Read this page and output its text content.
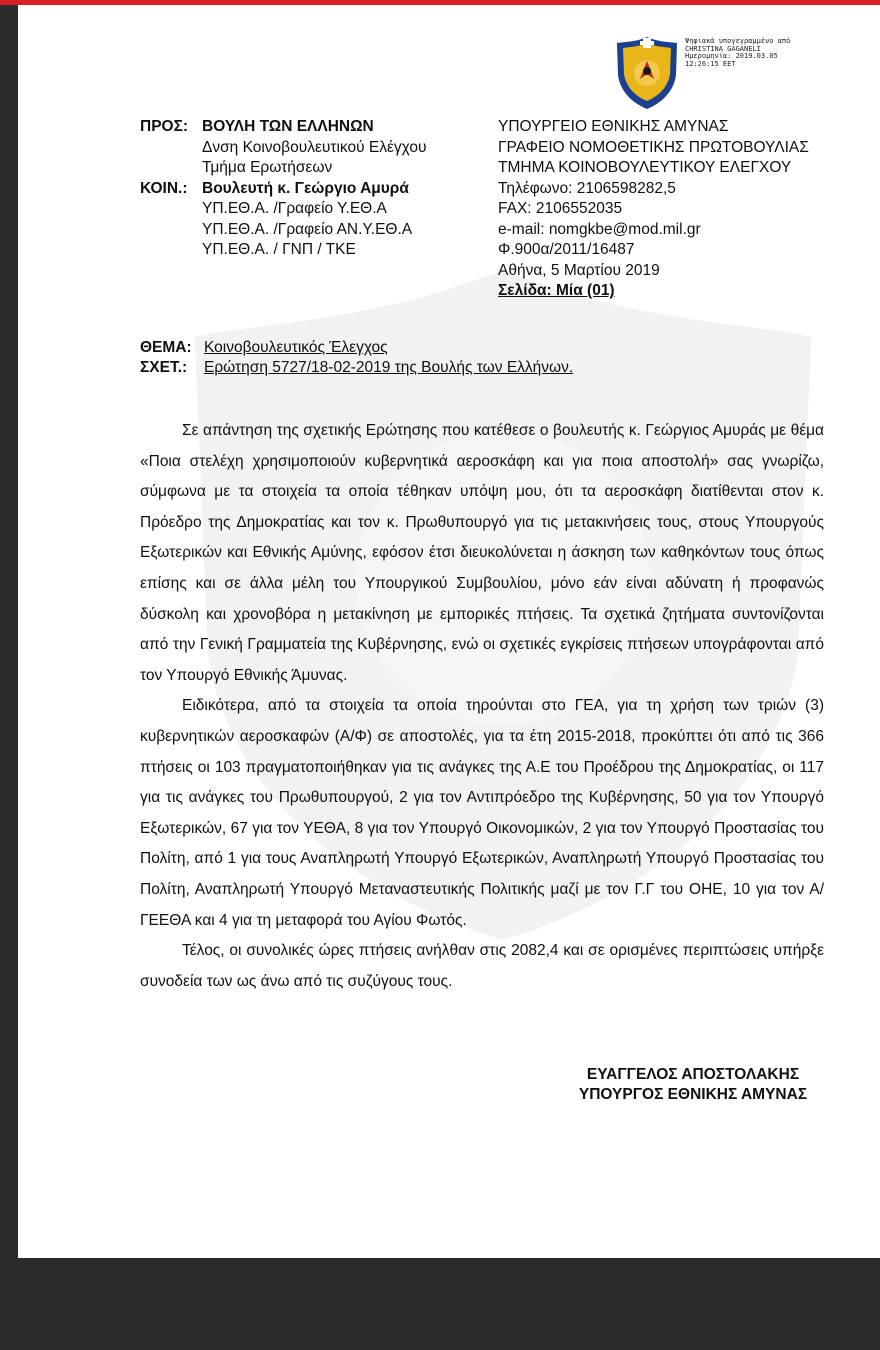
Ψηφιακά υπογεγραμμένο από
CHRISTINA GAGANELI
Ημερομηνία: 2019.03.05
12:26:15 EET
ΠΡΟΣ: ΒΟΥΛΗ ΤΩΝ ΕΛΛΗΝΩΝ
Δνση Κοινοβουλευτικού Ελέγχου
Τμήμα Ερωτήσεων
ΚΟΙΝ.: Βουλευτή κ. Γεώργιο Αμυρά
ΥΠ.ΕΘ.Α. /Γραφείο Υ.ΕΘ.Α
ΥΠ.ΕΘ.Α. /Γραφείο ΑΝ.Υ.ΕΘ.Α
ΥΠ.ΕΘ.Α. / ΓΝΠ / ΤΚΕ
ΥΠΟΥΡΓΕΙΟ ΕΘΝΙΚΗΣ ΑΜΥΝΑΣ
ΓΡΑΦΕΙΟ ΝΟΜΟΘΕΤΙΚΗΣ ΠΡΩΤΟΒΟΥΛΙΑΣ
ΤΜΗΜΑ ΚΟΙΝΟΒΟΥΛΕΥΤΙΚΟΥ ΕΛΕΓΧΟΥ
Τηλέφωνο: 2106598282,5
FAX: 2106552035
e-mail: nomgkbe@mod.mil.gr
Φ.900α/2011/16487
Αθήνα, 5 Μαρτίου 2019
Σελίδα: Μία (01)
ΘΕΜΑ: Κοινοβουλευτικός Έλεγχος
ΣΧΕΤ.: Ερώτηση 5727/18-02-2019 της Βουλής των Ελλήνων.

Σε απάντηση της σχετικής Ερώτησης που κατέθεσε ο βουλευτής κ. Γεώργιος Αμυράς με θέμα «Ποια στελέχη χρησιμοποιούν κυβερνητικά αεροσκάφη και για ποια αποστολή» σας γνωρίζω, σύμφωνα με τα στοιχεία τα οποία τέθηκαν υπόψη μου, ότι τα αεροσκάφη διατίθενται στον κ. Πρόεδρο της Δημοκρατίας και τον κ. Πρωθυπουργό για τις μετακινήσεις τους, στους Υπουργούς Εξωτερικών και Εθνικής Αμύνης, εφόσον έτσι διευκολύνεται η άσκηση των καθηκόντων τους όπως επίσης και σε άλλα μέλη του Υπουργικού Συμβουλίου, μόνο εάν είναι αδύνατη ή προφανώς δύσκολη και χρονοβόρα η μετακίνηση με εμπορικές πτήσεις. Τα σχετικά ζητήματα συντονίζονται από την Γενική Γραμματεία της Κυβέρνησης, ενώ οι σχετικές εγκρίσεις πτήσεων υπογράφονται από τον Υπουργό Εθνικής Άμυνας.

Ειδικότερα, από τα στοιχεία τα οποία τηρούνται στο ΓΕΑ, για τη χρήση των τριών (3) κυβερνητικών αεροσκαφών (Α/Φ) σε αποστολές, για τα έτη 2015-2018, προκύπτει ότι από τις 366 πτήσεις οι 103 πραγματοποιήθηκαν για τις ανάγκες της Α.Ε του Προέδρου της Δημοκρατίας, οι 117 για τις ανάγκες του Πρωθυπουργού, 2 για τον Αντιπρόεδρο της Κυβέρνησης, 50 για τον Υπουργό Εξωτερικών, 67 για τον ΥΕΘΑ, 8 για τον Υπουργό Οικονομικών, 2 για τον Υπουργό Προστασίας του Πολίτη, από 1 για τους Αναπληρωτή Υπουργό Εξωτερικών, Αναπληρωτή Υπουργό Προστασίας του Πολίτη, Αναπληρωτή Υπουργό Μεταναστευτικής Πολιτικής μαζί με τον Γ.Γ του ΟΗΕ, 10 για τον Α/ΓΕΕΘΑ και 4 για τη μεταφορά του Αγίου Φωτός.

Τέλος, οι συνολικές ώρες πτήσεις ανήλθαν στις 2082,4 και σε ορισμένες περιπτώσεις υπήρξε συνοδεία των ως άνω από τις συζύγους τους.

ΕΥΑΓΓΕΛΟΣ ΑΠΟΣΤΟΛΑΚΗΣ
ΥΠΟΥΡΓΟΣ ΕΘΝΙΚΗΣ ΑΜΥΝΑΣ
